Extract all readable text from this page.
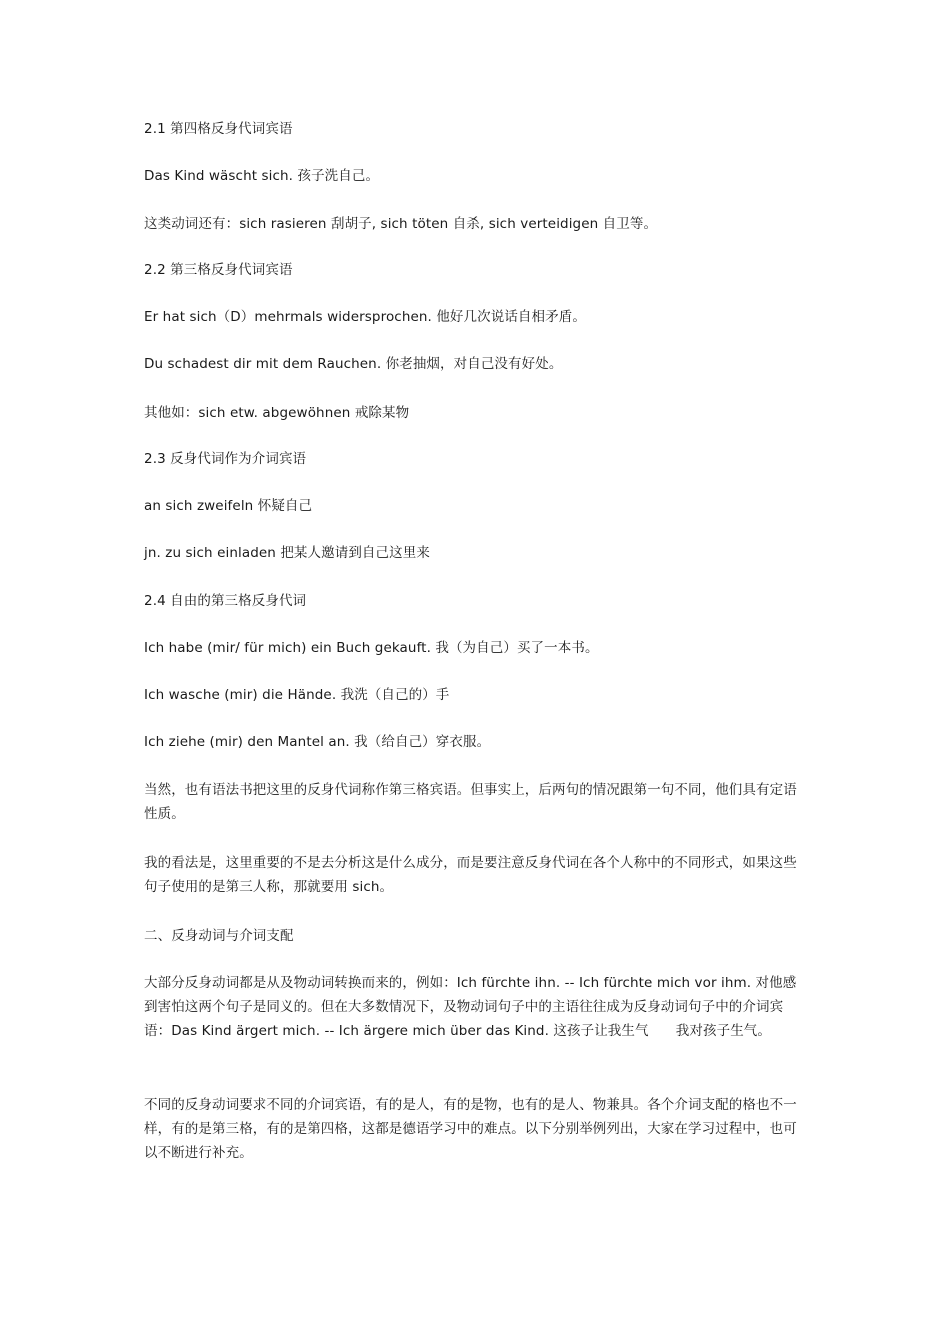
2.1 第四格反身代词宾语

Das Kind wäscht sich. 孩子洗自己。

这类动词还有：sich rasieren 刮胡子, sich töten 自杀, sich verteidigen 自卫等。

2.2 第三格反身代词宾语

Er hat sich（D）mehrmals widersprochen. 他好几次说话自相矛盾。

Du schadest dir mit dem Rauchen. 你老抽烟，对自己没有好处。

其他如：sich etw. abgewöhnen 戒除某物

2.3 反身代词作为介词宾语

an sich zweifeln 怀疑自己

jn. zu sich einladen 把某人邀请到自己这里来

2.4 自由的第三格反身代词

Ich habe (mir/ für mich) ein Buch gekauft. 我（为自己）买了一本书。

Ich wasche (mir) die Hände. 我洗（自己的）手

Ich ziehe (mir) den Mantel an. 我（给自己）穿衣服。

当然，也有语法书把这里的反身代词称作第三格宾语。但事实上，后两句的情况跟第一句不同，他们具有定语性质。

我的看法是，这里重要的不是去分析这是什么成分，而是要注意反身代词在各个人称中的不同形式，如果这些句子使用的是第三人称，那就要用 sich。

二、反身动词与介词支配

大部分反身动词都是从及物动词转换而来的，例如：Ich fürchte ihn. -- Ich fürchte mich vor ihm. 对他感到害怕这两个句子是同义的。但在大多数情况下，及物动词句子中的主语往往成为反身动词句子中的介词宾语：Das Kind ärgert mich. -- Ich ärgere mich über das Kind. 这孩子让我生气　　我对孩子生气。

不同的反身动词要求不同的介词宾语，有的是人，有的是物，也有的是人、物兼具。各个介词支配的格也不一样，有的是第三格，有的是第四格，这都是德语学习中的难点。以下分别举例列出，大家在学习过程中，也可以不断进行补充。
